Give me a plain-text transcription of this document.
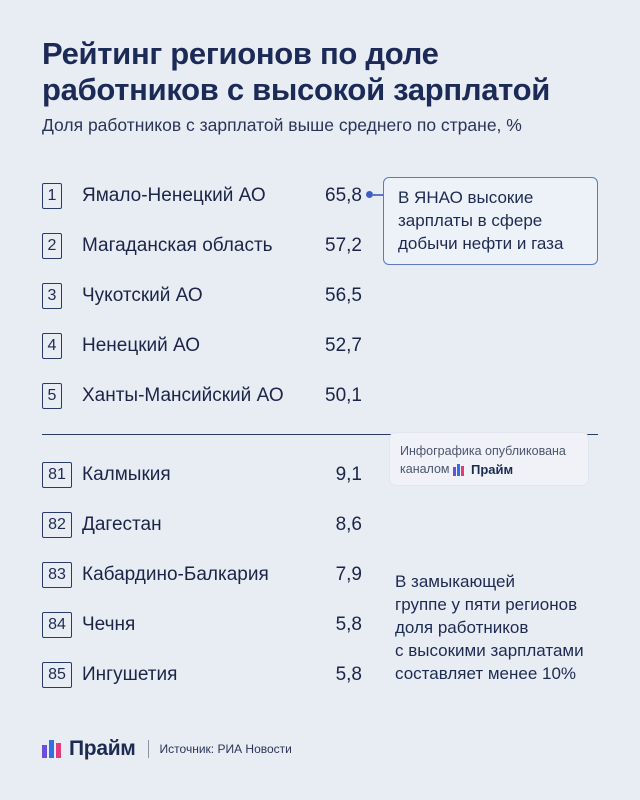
Рейтинг регионов по доле работников с высокой зарплатой
Доля работников с зарплатой выше среднего по стране, %
1 Ямало-Ненецкий АО	65,8
2 Магаданская область	57,2
3 Чукотский АО	56,5
4 Ненецкий АО	52,7
5 Ханты-Мансийский АО 50,1
81 Калмыкия	9,1
82 Дагестан	8,6
83 Кабардино-Балкария	7,9
84 Чечня	5,8
85 Ингушетия	5,8
В ЯНАО высокие
зарплаты в сфере
добычи нефти и газа
Инфографика опубликована
каналом Прайм
В замыкающей
группе у пяти регионов
доля работников
с высокими зарплатами
составляет менее 10%
Прайм Источник: РИА Новости
